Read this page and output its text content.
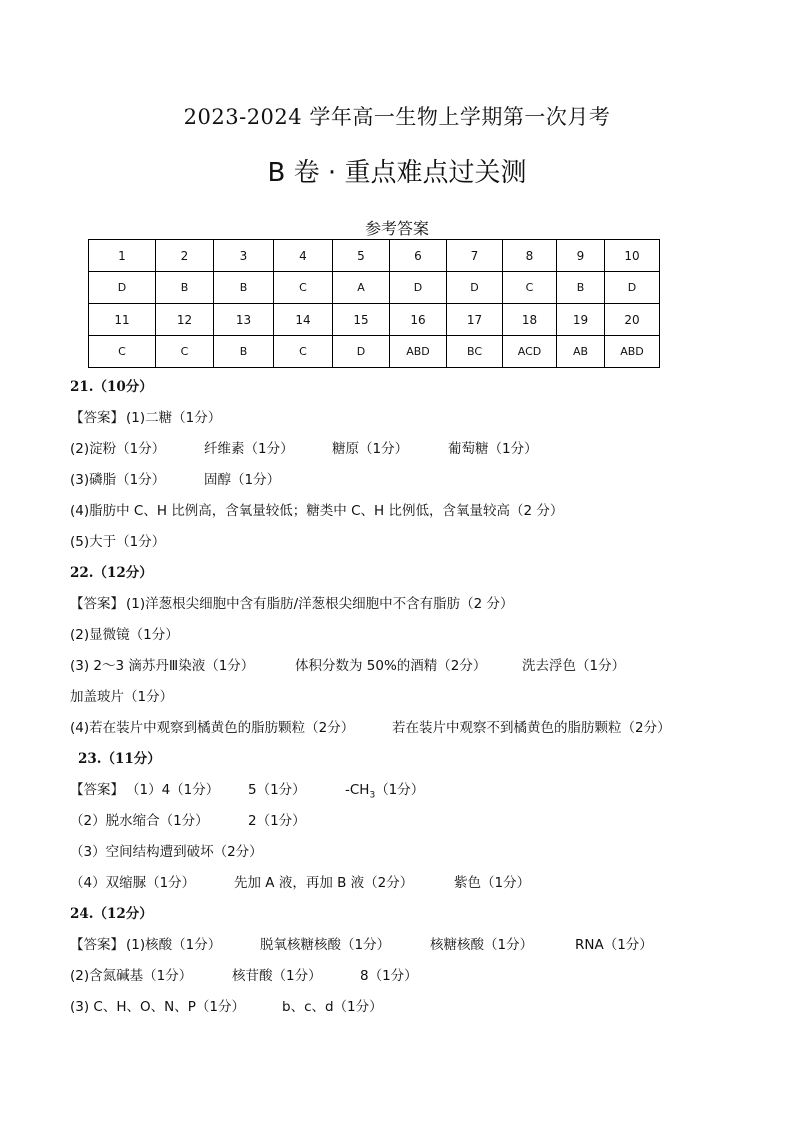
2023-2024 学年高一生物上学期第一次月考
B 卷 · 重点难点过关测
参考答案
1	2	3	4	5	6	7	8	9	10
D	B	B	C	A	D	D	C	B	D
11	12	13	14	15	16	17	18	19	20
C	C	B	C	D	ABD	BC	ACD	AB	ABD
21.（10分）
【答案】 (1)二糖（1分）
(2)淀粉（1分）	纤维素（1分）	糖原（1分）	葡萄糖（1分）
(3)磷脂（1分）	固醇（1分）
(4)脂肪中 C、H 比例高，含氧量较低；糖类中 C、H 比例低，含氧量较高（2 分）
(5)大于（1分）
22.（12分）
【答案】 (1)洋葱根尖细胞中含有脂肪/洋葱根尖细胞中不含有脂肪（2 分）
(2)显微镜（1分）
(3) 2～3 滴苏丹Ⅲ染液（1分）	体积分数为 50%的酒精（2分）	洗去浮色（1分）
加盖玻片（1分）
(4)若在装片中观察到橘黄色的脂肪颗粒（2分）	若在装片中观察不到橘黄色的脂肪颗粒（2分）
23.（11分）
【答案】 （1）4（1分） 5（1分）	$-CH_3(1$分）
（2）脱水缩合（1分）	2（1分）
（3）空间结构遭到破坏（2分）
（4）双缩脲（1分）	先加 A 液，再加 B 液（2分）	紫色（1分）
24.（12分）
【答案】 (1)核酸（1分）	脱氧核糖核酸（1分）	核糖核酸（1分）	RNA（1分）
(2)含氮碱基（1分）	核苷酸（1分）	8（1分）
(3) C、H、O、N、P（1分）	b、c、d（1分）
